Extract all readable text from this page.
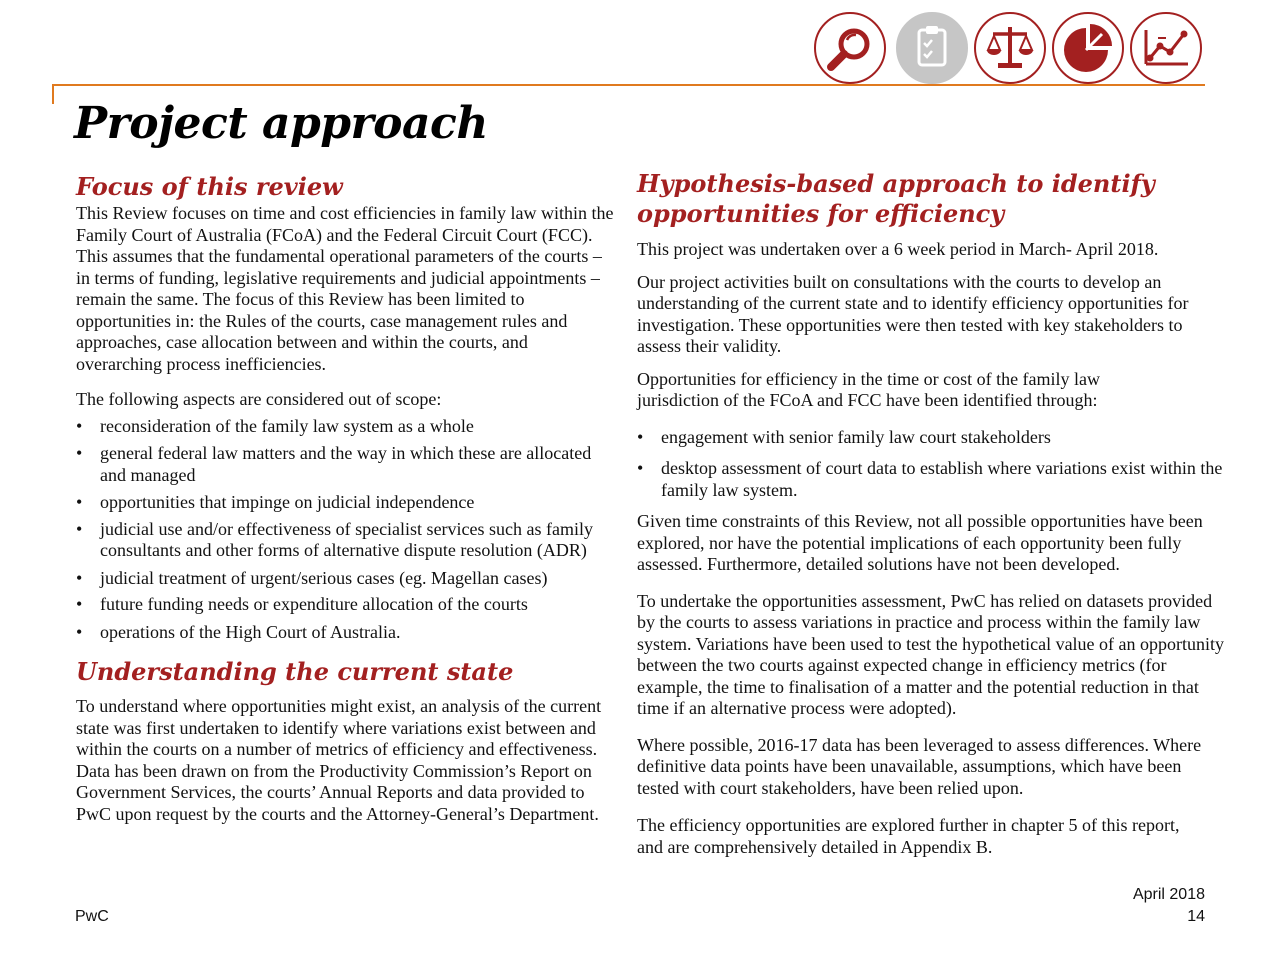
Project approach
Focus of this review

This Review focuses on time and cost efficiencies in family law within the Family Court of Australia (FCoA) and the Federal Circuit Court (FCC). This assumes that the fundamental operational parameters of the courts – in terms of funding, legislative requirements and judicial appointments – remain the same. The focus of this Review has been limited to opportunities in: the Rules of the courts, case management rules and approaches, case allocation between and within the courts, and overarching process inefficiencies.

The following aspects are considered out of scope:

• reconsideration of the family law system as a whole
• general federal law matters and the way in which these are allocated and managed
• opportunities that impinge on judicial independence
• judicial use and/or effectiveness of specialist services such as family consultants and other forms of alternative dispute resolution (ADR)
• judicial treatment of urgent/serious cases (eg. Magellan cases)
• future funding needs or expenditure allocation of the courts
• operations of the High Court of Australia.
Understanding the current state

To understand where opportunities might exist, an analysis of the current state was first undertaken to identify where variations exist between and within the courts on a number of metrics of efficiency and effectiveness. Data has been drawn on from the Productivity Commission’s Report on Government Services, the courts’ Annual Reports and data provided to PwC upon request by the courts and the Attorney-General’s Department.

Hypothesis-based approach to identify opportunities for efficiency

This project was undertaken over a 6 week period in March- April 2018.

Our project activities built on consultations with the courts to develop an understanding of the current state and to identify efficiency opportunities for investigation. These opportunities were then tested with key stakeholders to assess their validity.

Opportunities for efficiency in the time or cost of the family law jurisdiction of the FCoA and FCC have been identified through:

• engagement with senior family law court stakeholders
• desktop assessment of court data to establish where variations exist within the family law system.

Given time constraints of this Review, not all possible opportunities have been explored, nor have the potential implications of each opportunity been fully assessed. Furthermore, detailed solutions have not been developed.

To undertake the opportunities assessment, PwC has relied on datasets provided by the courts to assess variations in practice and process within the family law system. Variations have been used to test the hypothetical value of an opportunity between the two courts against expected change in efficiency metrics (for example, the time to finalisation of a matter and the potential reduction in that time if an alternative process were adopted).

Where possible, 2016-17 data has been leveraged to assess differences. Where definitive data points have been unavailable, assumptions, which have been tested with court stakeholders, have been relied upon.

The efficiency opportunities are explored further in chapter 5 of this report, and are comprehensively detailed in Appendix B.

PwC
April 2018
14
